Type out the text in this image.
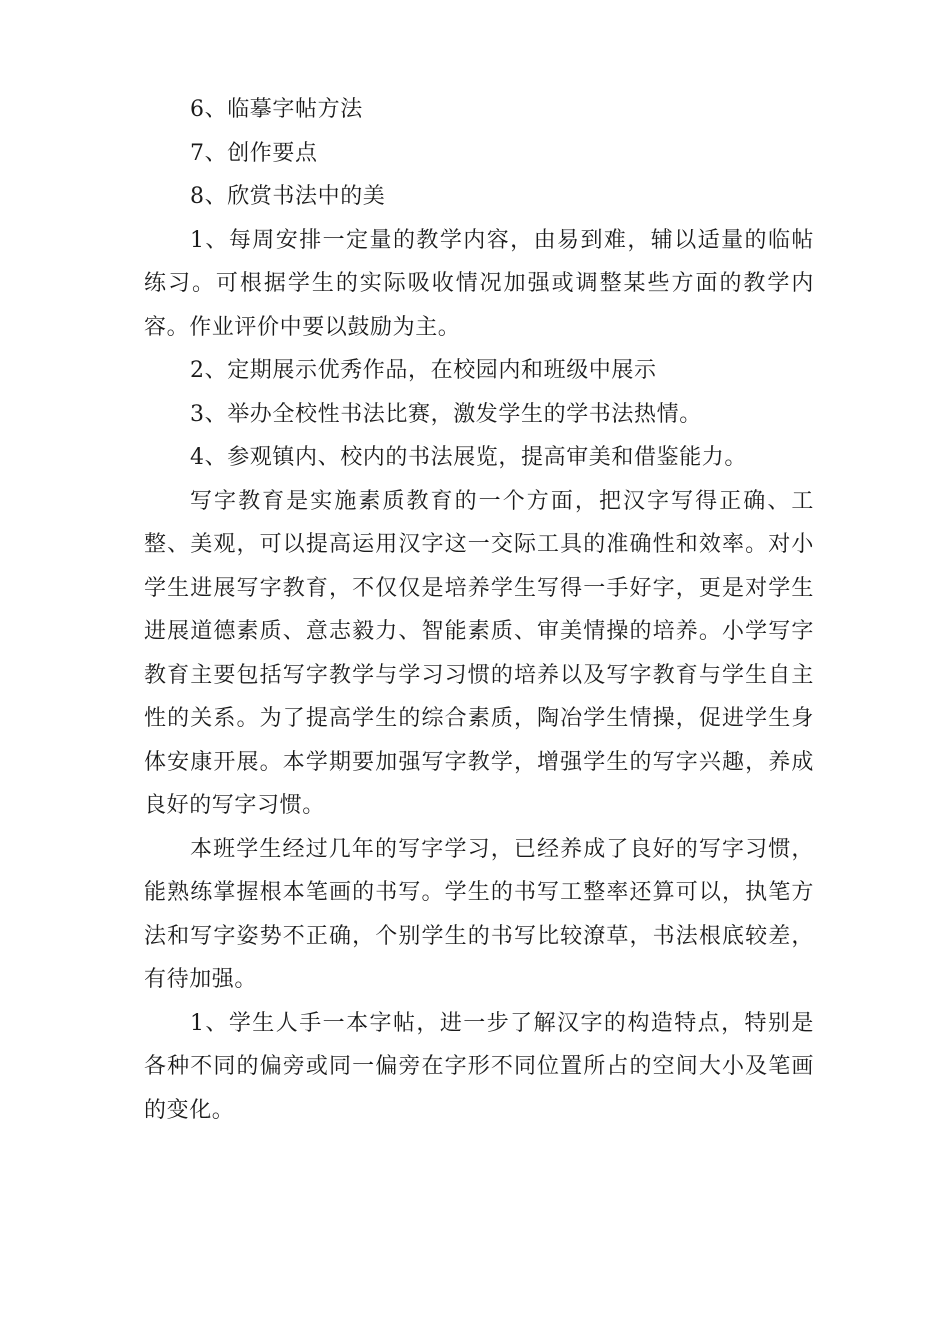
6、临摹字帖方法

7、创作要点

8、欣赏书法中的美

1、每周安排一定量的教学内容，由易到难，辅以适量的临帖练习。可根据学生的实际吸收情况加强或调整某些方面的教学内容。作业评价中要以鼓励为主。

2、定期展示优秀作品，在校园内和班级中展示

3、举办全校性书法比赛，激发学生的学书法热情。

4、参观镇内、校内的书法展览，提高审美和借鉴能力。

写字教育是实施素质教育的一个方面，把汉字写得正确、工整、美观，可以提高运用汉字这一交际工具的准确性和效率。对小学生进展写字教育，不仅仅是培养学生写得一手好字，更是对学生进展道德素质、意志毅力、智能素质、审美情操的培养。小学写字教育主要包括写字教学与学习习惯的培养以及写字教育与学生自主性的关系。为了提高学生的综合素质，陶冶学生情操，促进学生身体安康开展。本学期要加强写字教学，增强学生的写字兴趣，养成良好的写字习惯。

本班学生经过几年的写字学习，已经养成了良好的写字习惯，能熟练掌握根本笔画的书写。学生的书写工整率还算可以，执笔方法和写字姿势不正确，个别学生的书写比较潦草，书法根底较差，有待加强。

1、学生人手一本字帖，进一步了解汉字的构造特点，特别是各种不同的偏旁或同一偏旁在字形不同位置所占的空间大小及笔画的变化。
